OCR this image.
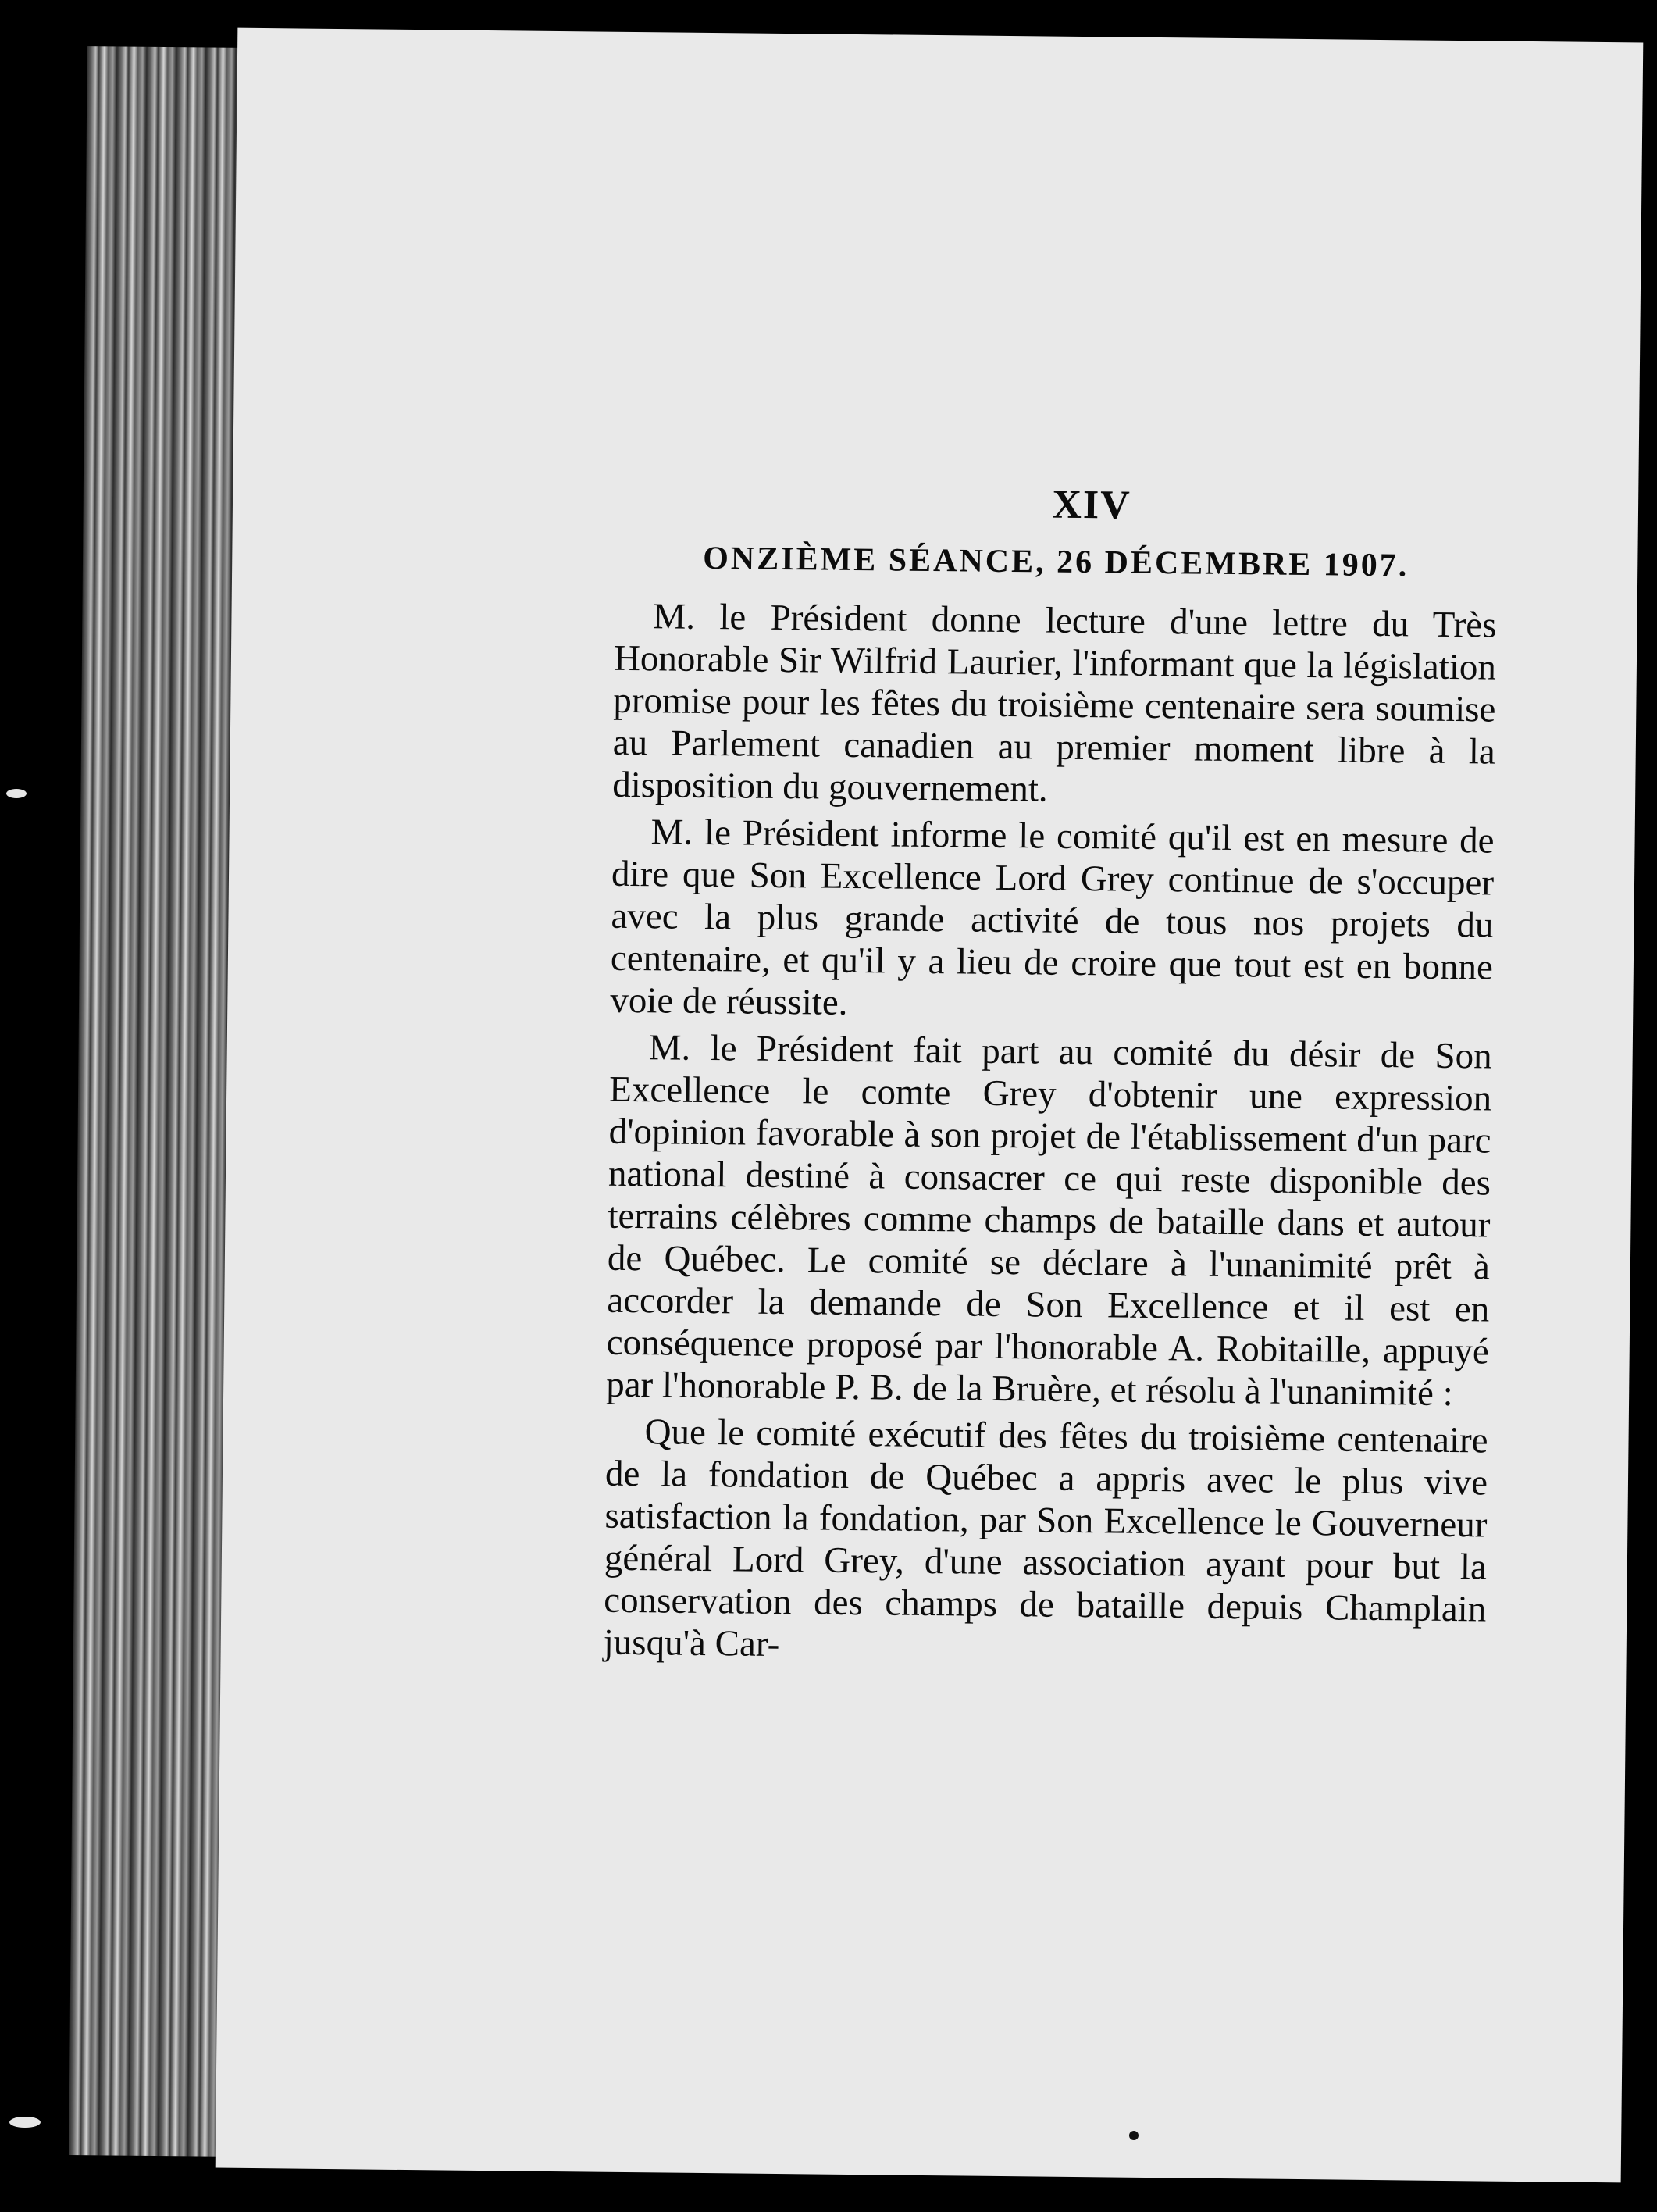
XIV
ONZIÈME SÉANCE, 26 DÉCEMBRE 1907.

M. le Président donne lecture d'une lettre du Très Honorable Sir Wilfrid Laurier, l'informant que la législation promise pour les fêtes du troisième centenaire sera soumise au Parlement canadien au premier moment libre à la disposition du gouvernement.

M. le Président informe le comité qu'il est en mesure de dire que Son Excellence Lord Grey continue de s'occuper avec la plus grande activité de tous nos projets du centenaire, et qu'il y a lieu de croire que tout est en bonne voie de réussite.

M. le Président fait part au comité du désir de Son Excellence le comte Grey d'obtenir une expression d'opinion favorable à son projet de l'établissement d'un parc national destiné à consacrer ce qui reste disponible des terrains célèbres comme champs de bataille dans et autour de Québec. Le comité se déclare à l'unanimité prêt à accorder la demande de Son Excellence et il est en conséquence proposé par l'honorable A. Robitaille, appuyé par l'honorable P. B. de la Bruère, et résolu à l'unanimité :

Que le comité exécutif des fêtes du troisième centenaire de la fondation de Québec a appris avec le plus vive satisfaction la fondation, par Son Excellence le Gouverneur général Lord Grey, d'une association ayant pour but la conservation des champs de bataille depuis Champlain jusqu'à Car-
